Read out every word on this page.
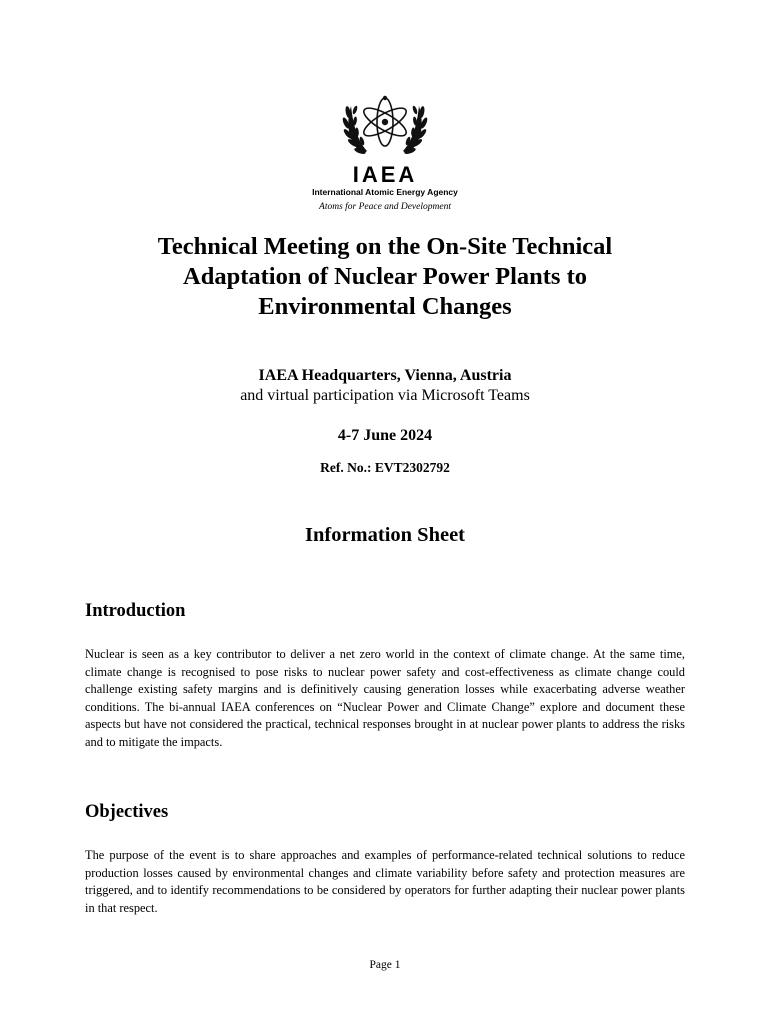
IAEA
International Atomic Energy Agency
Atoms for Peace and Development
Technical Meeting on the On-Site Technical
Adaptation of Nuclear Power Plants to
Environmental Changes
IAEA Headquarters, Vienna, Austria
and virtual participation via Microsoft Teams
4-7 June 2024
Ref. No.: EVT2302792
Information Sheet
Introduction

Nuclear is seen as a key contributor to deliver a net zero world in the context of climate change. At the same time, climate change is recognised to pose risks to nuclear power safety and cost-effectiveness as climate change could challenge existing safety margins and is definitively causing generation losses while exacerbating adverse weather conditions. The bi-annual IAEA conferences on “Nuclear Power and Climate Change” explore and document these aspects but have not considered the practical, technical responses brought in at nuclear power plants to address the risks and to mitigate the impacts.

Objectives

The purpose of the event is to share approaches and examples of performance-related technical solutions to reduce production losses caused by environmental changes and climate variability before safety and protection measures are triggered, and to identify recommendations to be considered by operators for further adapting their nuclear power plants in that respect.

Page 1
